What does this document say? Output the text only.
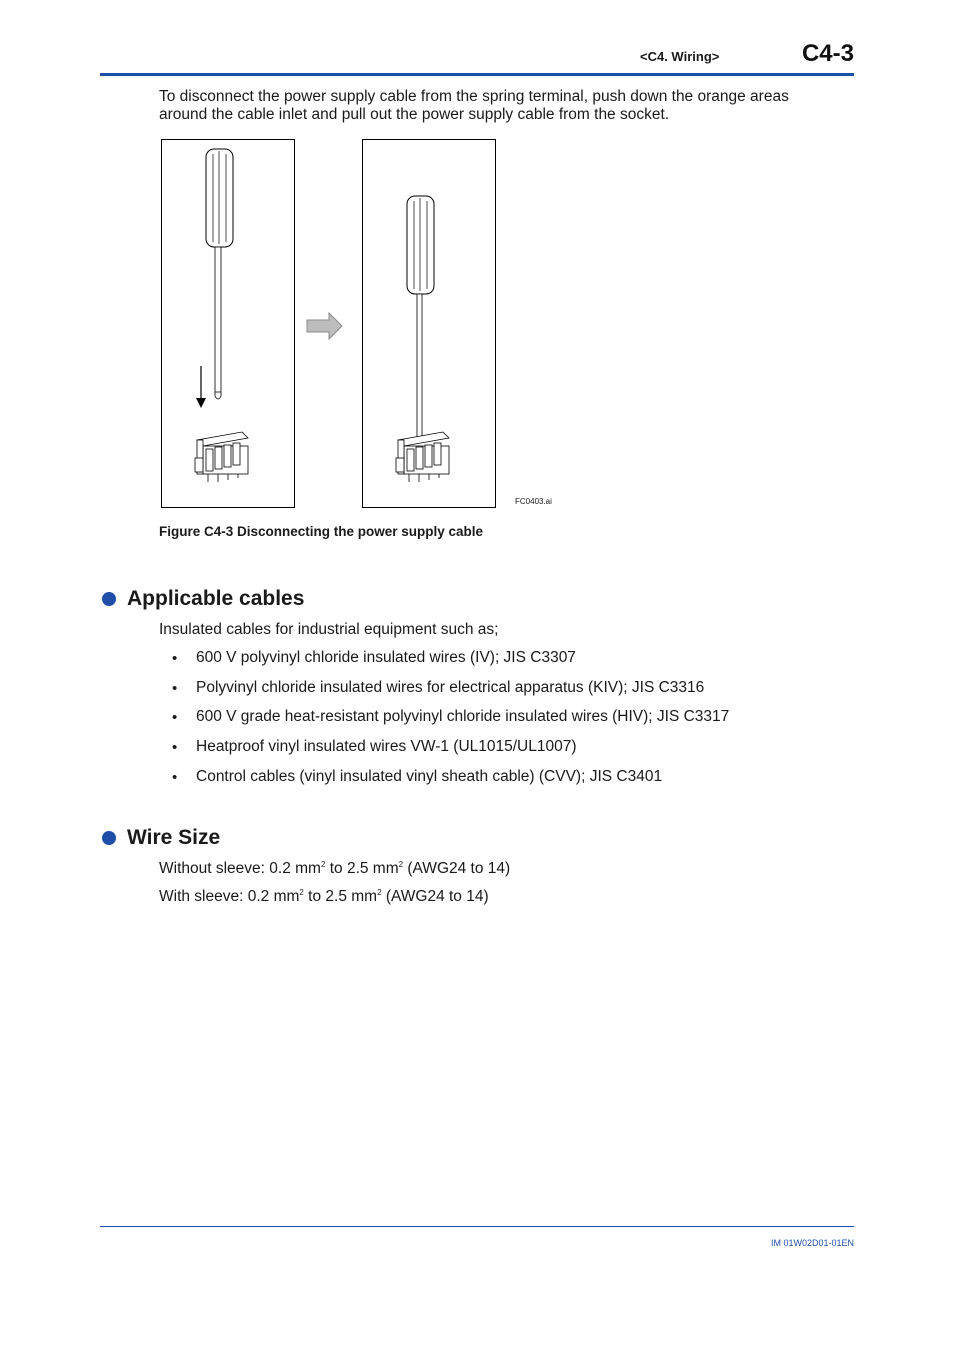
<C4. Wiring>	C4-3
To disconnect the power supply cable from the spring terminal, push down the orange areas around the cable inlet and pull out the power supply cable from the socket.
FC0403.ai
Figure C4-3 Disconnecting the power supply cable
Applicable cables
Insulated cables for industrial equipment such as;
• 600 V polyvinyl chloride insulated wires (IV); JIS C3307
• Polyvinyl chloride insulated wires for electrical apparatus (KIV); JIS C3316
• 600 V grade heat-resistant polyvinyl chloride insulated wires (HIV); JIS C3317
• Heatproof vinyl insulated wires VW-1 (UL1015/UL1007)
• Control cables (vinyl insulated vinyl sheath cable) (CVV); JIS C3401
Wire Size
Without sleeve: 0.2 $mm^2$ to 2.5 $mm^2$ (AWG24 to 14)
With sleeve: 0.2 $mm^2$ to 2.5 $mm^2$ (AWG24 to 14)
IM 01W02D01-01EN
